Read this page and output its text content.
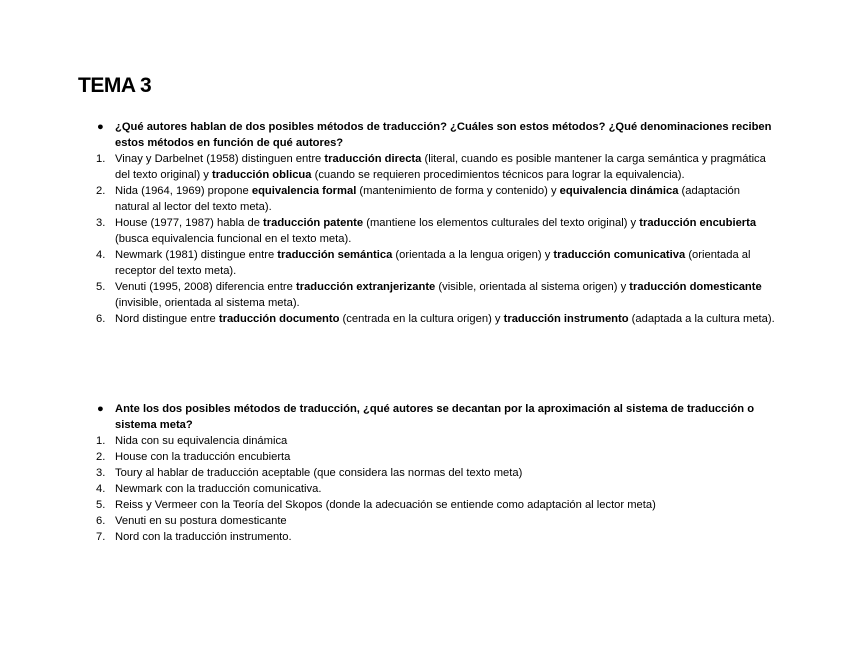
TEMA 3
●	¿Qué autores hablan de dos posibles métodos de traducción? ¿Cuáles son estos métodos? ¿Qué denominaciones reciben estos métodos en función de qué autores?
1. Vinay y Darbelnet (1958) distinguen entre traducción directa (literal, cuando es posible mantener la carga semántica y pragmática del texto original) y traducción oblicua (cuando se requieren procedimientos técnicos para lograr la equivalencia).
2. Nida (1964, 1969) propone equivalencia formal (mantenimiento de forma y contenido) y equivalencia dinámica (adaptación natural al lector del texto meta).
3. House (1977, 1987) habla de traducción patente (mantiene los elementos culturales del texto original) y traducción encubierta (busca equivalencia funcional en el texto meta).
4. Newmark (1981) distingue entre traducción semántica (orientada a la lengua origen) y traducción comunicativa (orientada al receptor del texto meta).
5. Venuti (1995, 2008) diferencia entre traducción extranjerizante (visible, orientada al sistema origen) y traducción domesticante (invisible, orientada al sistema meta).
6. Nord distingue entre traducción documento (centrada en la cultura origen) y traducción instrumento (adaptada a la cultura meta).
●	Ante los dos posibles métodos de traducción, ¿qué autores se decantan por la aproximación al sistema de traducción o sistema meta?
1. Nida con su equivalencia dinámica
2. House con la traducción encubierta
3. Toury al hablar de traducción aceptable (que considera las normas del texto meta)
4. Newmark con la traducción comunicativa.
5. Reiss y Vermeer con la Teoría del Skopos (donde la adecuación se entiende como adaptación al lector meta)
6. Venuti en su postura domesticante
7. Nord con la traducción instrumento.
